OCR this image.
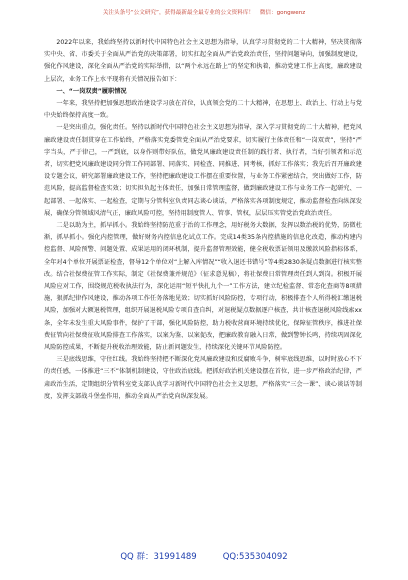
关注头条号“公文研究”，获得最新最全最专业的公文资料库！ 微信：gongwenz

2022年以来，我始终坚持以新时代中国特色社会主义思想为指导，认真学习贯彻党的二十大精神，坚决贯彻落实中央、省、市委关于全面从严治党的决策部署，切实扛起全面从严治党政治责任，坚持问题导向，加强制度建设，强化作风建设，深化全面从严治党的实际举措，以“两个永远在路上”的坚定和执着，推动党建工作上高度，廉政建设上层次，业务工作上水平现将有关情况报告如下：

一、“一岗双责”履职情况

一年来，我坚持把加强思想政治建设学习放在首位，认真领会党的二十大精神，在思想上、政治上、行动上与党中央始终保持高度一致。

一是突出重点，强化责任。坚持以新时代中国特色社会主义思想为指导，深入学习贯彻党的二十大精神，把党风廉政建设责任制贯穿在工作始终，严格落实党委管党全面从严治党要求，切实履行主体责任和“一岗双责”，坚持“严字当头，严于律己，一严到底，以身作则带好队伍，做党风廉政建设责任制的践行者、执行者，当好引领者和示范者，切实把党风廉政建设同分管工作同部署、同落实、同检查、同推进、同考核，抓好工作落实；我先后召开廉政建设专题会议，研究部署廉政建设工作，坚持把廉政建设工作摆在重要位置，与业务工作紧密结合，突出做好工作，防范风险，提高监督检查实效；切实担负起主体责任，加强日常管理监督，做到廉政建设工作与业务工作一起研究、一起部署、一起落实、一起检查，定期与分管科室负责同志谈心谈话，严格落实各项制度规定，推动监督检查向纵深发展，确保分管领域风清气正，廉政风险可控，坚持用制度管人、管事、管权，层层压实管党治党政治责任。

二是以助为主，抓早抓小。我始终坚持防范重于治的工作理念，用好税务大数据，发挥以数治税的优势，防微杜渐，抓早抓小。强化内控管理，做好财务内控信息化试点工作。完成14类35条内控措施的信息化改造，推动构建内控监督、风险预警、问题处置、成果运用的闭环机制，提升监督管理效能，健全税收票证领用及缴款风险指标体系，全年对4个单位开展票证检查，督导12个单位对“上解入库情况”“收入退还书错号”等4类2830条疑点数据进行核实整改。结合社保费征管工作实际，制定《社保费兼并规范》（征求意见稿），将社保费日常管理责任到人到岗。积极开展风险应对工作，围绕规范税收执法行为，深化运用“短平快扎九个一”工作方法，建立纪检监督、常态化查商等8项措施，狠抓纪律作风建设，推动各项工作任务落地见效；切实抓好风险防控，专项行动，积极排查个人所得税汇缴退税风险，加强对大额退税管理，组织开展退税风险专项自查自纠，对退税疑点数据逐户核查，共计核查退税风险线索xx条，全年未发生重大风险事件，保护了干部，强化风险防控，助力税收营商环境持续优化，保障征管秩序，推进社保费征管向社保费征收风险排查工作落实，以案为鉴、以案促改，把廉政教育融入日常，做到警钟长鸣，持续巩固深化风险防控成果，不断提升税收治理效能，防止新问题发生，持续深化关键环节风险防控。

三是底线思维，守住红线。我始终坚持把不断深化党风廉政建设和反腐败斗争，树牢底线思维，以时时放心不下的责任感，一体推进“三不”体制机制建设，守住政治底线。把抓好政治机关建设摆在首位，进一步严格政治纪律，严肃政治生活，定期组织分管科室党支部认真学习新时代中国特色社会主义思想，严格落实“三会一课”、谈心谈话等制度，发挥支部战斗堡垒作用，推动全面从严治党向纵深发展。

QQ 群：31991489	QQ:535304092
